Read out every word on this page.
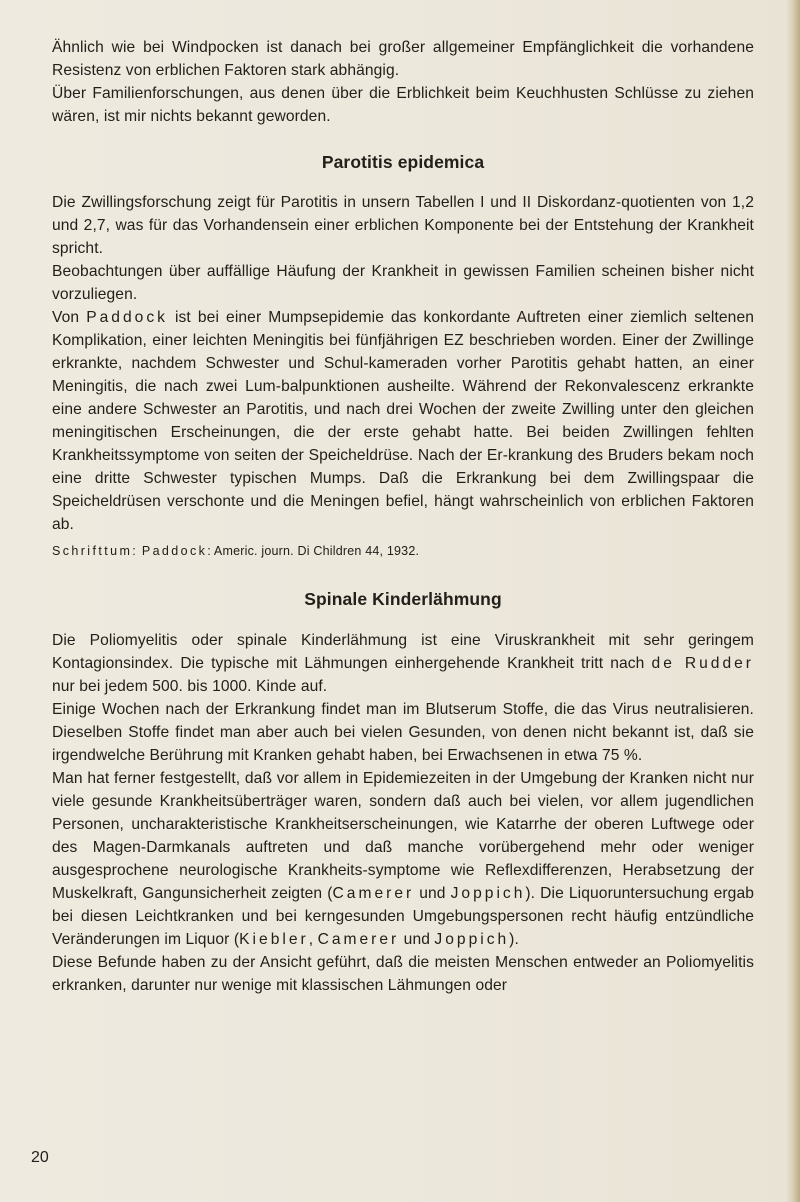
Ähnlich wie bei Windpocken ist danach bei großer allgemeiner Empfänglichkeit die vorhandene Resistenz von erblichen Faktoren stark abhängig.

Über Familienforschungen, aus denen über die Erblichkeit beim Keuchhusten Schlüsse zu ziehen wären, ist mir nichts bekannt geworden.

Parotitis epidemica

Die Zwillingsforschung zeigt für Parotitis in unsern Tabellen I und II Diskordanz-quotienten von 1,2 und 2,7, was für das Vorhandensein einer erblichen Komponente bei der Entstehung der Krankheit spricht.

Beobachtungen über auffällige Häufung der Krankheit in gewissen Familien scheinen bisher nicht vorzuliegen.

Von Paddock ist bei einer Mumpsepidemie das konkordante Auftreten einer ziemlich seltenen Komplikation, einer leichten Meningitis bei fünfjährigen EZ beschrieben worden. Einer der Zwillinge erkrankte, nachdem Schwester und Schul-kameraden vorher Parotitis gehabt hatten, an einer Meningitis, die nach zwei Lum-balpunktionen ausheilte. Während der Rekonvalescenz erkrankte eine andere Schwester an Parotitis, und nach drei Wochen der zweite Zwilling unter den gleichen meningitischen Erscheinungen, die der erste gehabt hatte. Bei beiden Zwillingen fehlten Krankheitssymptome von seiten der Speicheldrüse. Nach der Er-krankung des Bruders bekam noch eine dritte Schwester typischen Mumps. Daß die Erkrankung bei dem Zwillingspaar die Speicheldrüsen verschonte und die Meningen befiel, hängt wahrscheinlich von erblichen Faktoren ab.

Schrifttum: Paddock: Americ. journ. Di Children 44, 1932.

Spinale Kinderlähmung

Die Poliomyelitis oder spinale Kinderlähmung ist eine Viruskrankheit mit sehr geringem Kontagionsindex. Die typische mit Lähmungen einhergehende Krankheit tritt nach de Rudder nur bei jedem 500. bis 1000. Kinde auf.

Einige Wochen nach der Erkrankung findet man im Blutserum Stoffe, die das Virus neutralisieren. Dieselben Stoffe findet man aber auch bei vielen Gesunden, von denen nicht bekannt ist, daß sie irgendwelche Berührung mit Kranken gehabt haben, bei Erwachsenen in etwa 75 %.

Man hat ferner festgestellt, daß vor allem in Epidemiezeiten in der Umgebung der Kranken nicht nur viele gesunde Krankheitsüberträger waren, sondern daß auch bei vielen, vor allem jugendlichen Personen, uncharakteristische Krankheitserscheinungen, wie Katarrhe der oberen Luftwege oder des Magen-Darmkanals auftreten und daß manche vorübergehend mehr oder weniger ausgesprochene neurologische Krankheits-symptome wie Reflexdifferenzen, Herabsetzung der Muskelkraft, Gangunsicherheit zeigten (Camerer und Joppich). Die Liquoruntersuchung ergab bei diesen Leichtkranken und bei kerngesunden Umgebungspersonen recht häufig entzündliche Veränderungen im Liquor (Kiebler, Camerer und Joppich).

Diese Befunde haben zu der Ansicht geführt, daß die meisten Menschen entweder an Poliomyelitis erkranken, darunter nur wenige mit klassischen Lähmungen oder

20
